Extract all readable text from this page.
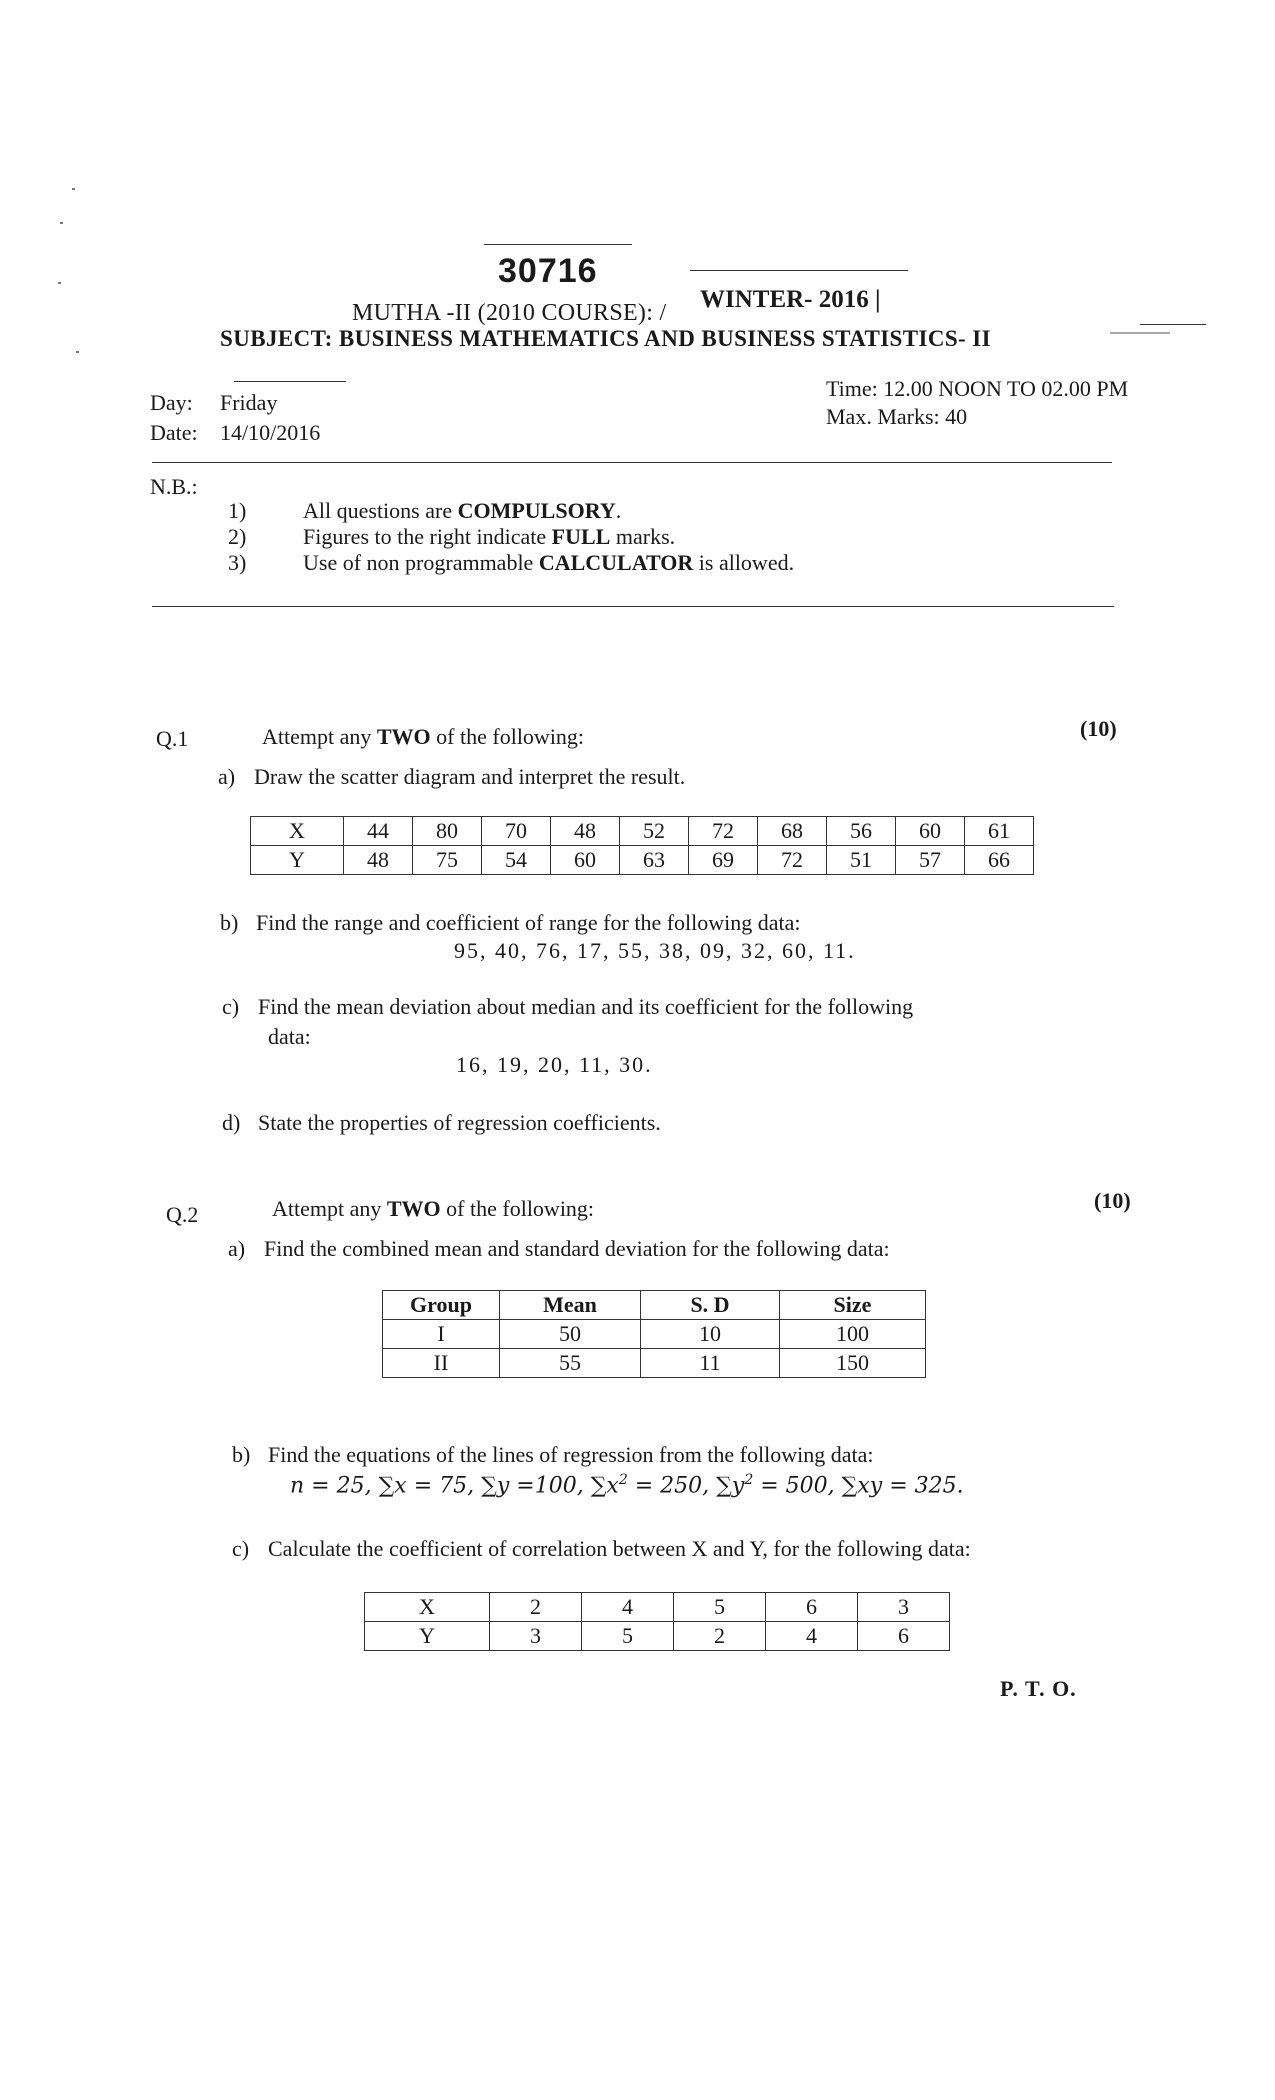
30716
MUTHA -II (2010 COURSE): / WINTER- 2016 |
SUBJECT: BUSINESS MATHEMATICS AND BUSINESS STATISTICS- II
Day: Friday
Date: 14/10/2016
Time: 12.00 NOON TO 02.00 PM
Max. Marks: 40
N.B.:
1)	All questions are COMPULSORY.
2)	Figures to the right indicate FULL marks.
3)	Use of non programmable CALCULATOR is allowed.
Q.1	Attempt any TWO of the following:	(10)
a) Draw the scatter diagram and interpret the result.
X	44	80	70	48	52	72	68	56	60	61
Y	48	75	54	60	63	69	72	51	57	66
b) Find the range and coefficient of range for the following data:
95, 40, 76, 17, 55, 38, 09, 32, 60, 11.
c) Find the mean deviation about median and its coefficient for the following
data:
16, 19, 20, 11, 30.
d) State the properties of regression coefficients.
Q.2	Attempt any TWO of the following:	(10)
a) Find the combined mean and standard deviation for the following data:
Group	Mean	S. D	Size
I	50	10	100
II	55	11	150
b) Find the equations of the lines of regression from the following data:
n = 25, ∑x = 75, ∑y =100, $\sum x^2 = 250$, $\sum y^2 = 500$, ∑xy = 325.
c) Calculate the coefficient of correlation between X and Y, for the following data:
X	2	4	5	6	3
Y	3	5	2	4	6
P. T. O.
